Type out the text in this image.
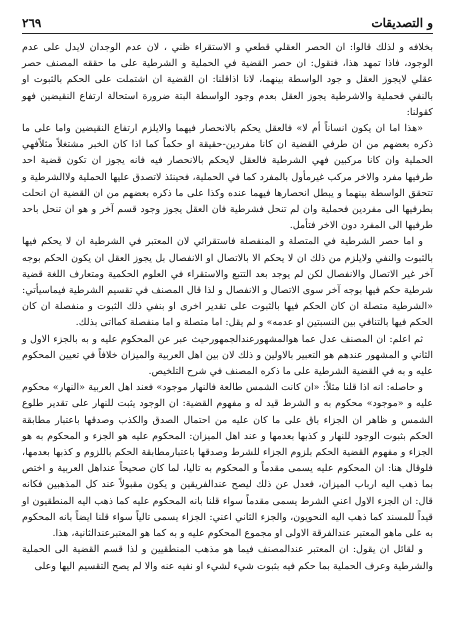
و التصديقات
٢٦٩

بخلافه و لذلك قالوا: ان الحصر العقلي قطعي و الاستقراء ظني ، لان عدم الوجدان لايدل على عدم الوجود، فاذا تمهد هذا، فنقول: ان حصر القضية في الحملية و الشرطية على ما حققه المصنف حصر عقلي لايجوز العقل و جود الواسطة بينهما، لانا اذاقلنا: ان القضية ان اشتملت على الحكم بالثبوت او بالنفي فحملية والاشرطية يجوز العقل بعدم وجود الواسطة البتة ضرورة استحالة ارتفاع النقيضين فهو كقولنا:

«هذا اما ان يكون انساناً أم لا» فالعقل يحكم بالانحصار فيهما والايلزم ارتفاع النقيضين واما على ما ذكره بعضهم من ان طرفي القضية ان كانا مفردين-حقيقة او حكماً كما اذا كان الخبر مشتغلاً مثلاًفهي الحملية وان كانا مركبين فهي الشرطية فالعقل لايحكم بالانحصار فيه فانه يجوز ان تكون قضية احد طرفيها مفرد والاخر مركب غيرمأول بالمفرد كما في الحملية، فحينئذ لاتصدق عليها الحملية ولاالشرطية و تتحقق الواسطة بينهما و يبطل انحصارها فيهما عنده وكذا على ما ذكره بعضهم من ان القضية ان انحلت بطرفيها الى مفردين فحملية وان لم تنحل فشرطية فان العقل يجوز وجود قسم آخر و هو ان تنحل باحد طرفيها الى المفرد دون الاخر فتأمل.

و اما حصر الشرطية في المتصلة و المنفصلة فاستقرائي لان المعتبر في الشرطية ان لا يحكم فيها بالثبوت والنفي ولايلزم من ذلك ان لا يحكم الا بالاتصال او الانفصال بل يجوز العقل ان يكون الحكم بوجه آخر غير الاتصال والانفصال لكن لم يوجد بعد التتبع والاستقراء في العلوم الحكمية ومتعارف اللغة قضية شرطية حكم فيها بوجه آخر سوى الاتصال و الانفصال و لذا قال المصنف في تقسيم الشرطية فيماسيأتي: «الشرطية متصلة ان كان الحكم فيها بالثبوت على تقدير اخرى او بنفي ذلك الثبوت و منفصلة ان كان الحكم فيها بالتنافي بين النسبتين او عدمه» و لم يقل: اما متصلة و اما منفصلة كمااتى بذلك.

ثم اعلم: ان المصنف عدل عما هوالمشهورعندالجمهورحيث عبر عن المحكوم عليه و به بالجزء الاول و الثاني و المشهور عندهم هو التعبير بالاولين و ذلك لان بين اهل العربية والميزان خلافاً في تعيين المحكوم عليه و به في القضية الشرطية على ما ذكره المصنف في شرح التلخيص.

و حاصله: انه اذا قلنا مثلاً: «ان كانت الشمس طالعة فالنهار موجود» فعند اهل العربية «النهار» محكوم عليه و «موجود» محكوم به و الشرط قيد له و مفهوم القضية: ان الوجود يثبت للنهار على تقدير طلوع الشمس و ظاهر ان الجزاء باق على ما كان عليه من احتمال الصدق والكذب وصدقها باعتبار مطابقة الحكم بثبوت الوجود للنهار و كذبها بعدمها و عند اهل الميزان: المحكوم عليه هو الجزء و المحكوم به هو الجزاء و مفهوم القضية الحكم بلزوم الجزاء للشرط وصدقها باعتبارمطابقة الحكم باللزوم و كذبها بعدمها، فلوقال هنا: ان المحكوم عليه يسمى مقدماً و المحكوم به تاليا، لما كان صحيحاً عنداهل العربية و اختص بما ذهب اليه ارباب الميزان، فعدل عن ذلك ليصح عندالفريقين و يكون مقبولاً عند كل المذهبين فكانه قال: ان الجزء الاول اعني الشرط يسمى مقدماً سواء قلنا بانه المحكوم عليه كما ذهب اليه المنطقيون او قيداً للمسند كما ذهب اليه النحويون، والجزء الثاني اعني: الجزاء يسمى تالياً سواء قلنا ايضاً بانه المحكوم به على ماهو المعتبر عندالفرقة الاولى او مجموع المحكوم عليه و به كما هو المعتبرعندالثانية، هذا.

و لقائل ان يقول: ان المعتبر عندالمصنف فيما هو مذهب المنطقيين و لذا قسم القضية الى الحملية والشرطية وعرف الحملية بما حكم فيه بثبوت شيء لشيء او نفيه عنه والا لم يصح التقسيم اليها وعلى
